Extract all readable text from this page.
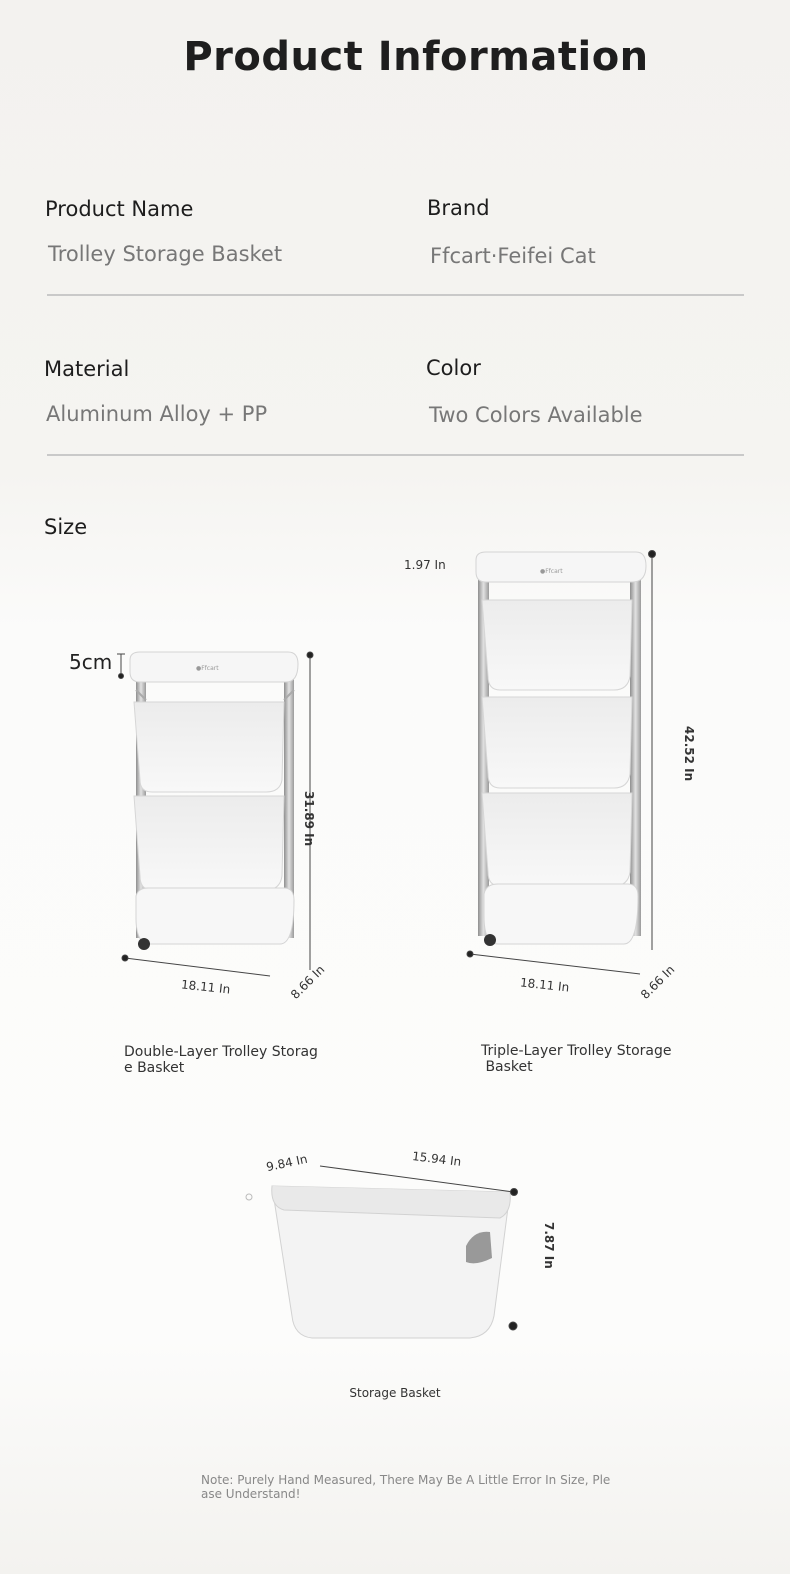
Product Information
Product Name
Trolley Storage Basket
Brand
Ffcart·Feifei Cat
Material
Aluminum Alloy + PP
Color
Two Colors Available
Size
●Ffcart
●Ffcart
5cm
31.89 In
18.11 In	8.66 In
Double-Layer Trolley Storag
e Basket
1.97 In
42.52 In
18.11 In	8.66 In
Triple-Layer Trolley Storage
Basket
9.84 In	15.94 In
7.87 In
Storage Basket
Note: Purely Hand Measured, There May Be A Little Error In Size, Ple
ase Understand!
